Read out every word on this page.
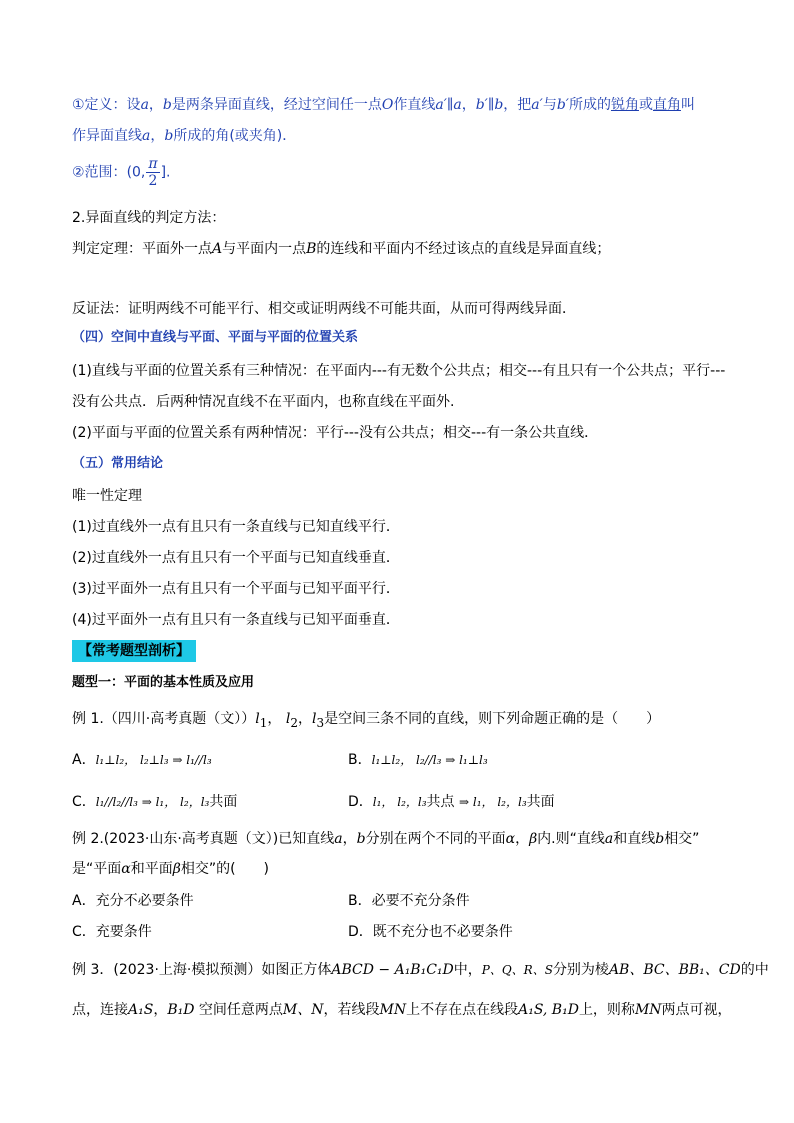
①定义：设a，b是两条异面直线，经过空间任一点O作直线a′∥a，b′∥b，把a′与b′所成的锐角或直角叫
作异面直线a，b所成的角(或夹角)．
②范围：(0, $\frac{\pi}{2}$ ].
2.异面直线的判定方法：
判定定理：平面外一点A与平面内一点B的连线和平面内不经过该点的直线是异面直线；
反证法：证明两线不可能平行、相交或证明两线不可能共面，从而可得两线异面．
（四）空间中直线与平面、平面与平面的位置关系
(1)直线与平面的位置关系有三种情况：在平面内---有无数个公共点；相交---有且只有一个公共点；平行---
没有公共点．后两种情况直线不在平面内，也称直线在平面外.
(2)平面与平面的位置关系有两种情况：平行---没有公共点；相交---有一条公共直线．
（五）常用结论
唯一性定理
(1)过直线外一点有且只有一条直线与已知直线平行．
(2)过直线外一点有且只有一个平面与已知直线垂直．
(3)过平面外一点有且只有一个平面与已知平面平行．
(4)过平面外一点有且只有一条直线与已知平面垂直．
【常考题型剖析】
题型一：平面的基本性质及应用
例 1.（四川·高考真题（文））$l_1$， $l_2$，$l_3$是空间三条不同的直线，则下列命题正确的是（　　）
A．l₁⊥l₂， l₂⊥l₃ ⇒ l₁//l₃	B．l₁⊥l₂， l₂//l₃ ⇒ l₁⊥l₃
C．l₁//l₂//l₃ ⇒ l₁， l₂，l₃共面	D．l₁， l₂，l₃共点 ⇒ l₁， l₂，l₃共面
例 2.(2023·山东·高考真题（文）)已知直线a，b分别在两个不同的平面α，β内.则“直线a和直线b相交”
是“平面α和平面β相交”的(　　)
A．充分不必要条件	B．必要不充分条件
C．充要条件	D．既不充分也不必要条件
例 3．(2023·上海·模拟预测）如图正方体ABCD − A₁B₁C₁D中，P、Q、R、S分别为棱AB、BC、BB₁、CD的中
点，连接A₁S，B₁D 空间任意两点M、N，若线段MN上不存在点在线段A₁S, B₁D上，则称MN两点可视，
